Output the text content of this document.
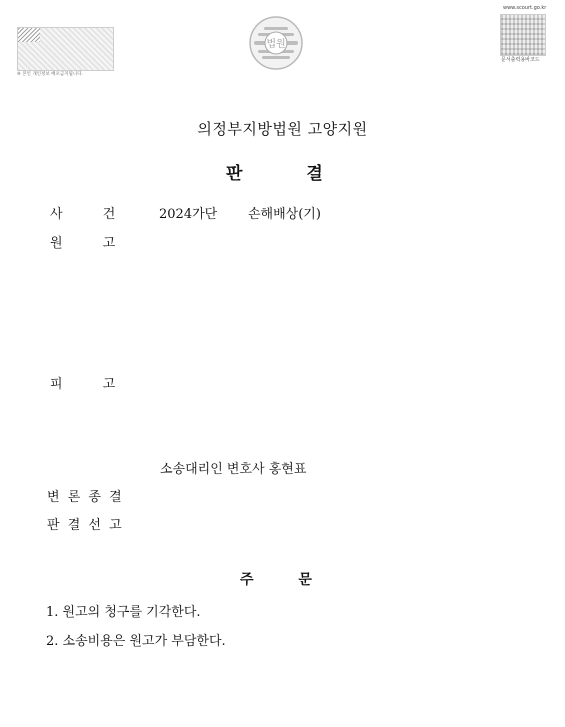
※ 본인 개인정보 배포금지됩니다.
법원
www.scourt.go.kr
문서출력용바코드
의정부지방법원 고양지원
판 결
사 건	2024가단 손해배상(기)
원 고
피 고
소송대리인 변호사 홍현표
변 론 종 결
판 결 선 고
주 문
1. 원고의 청구를 기각한다.
2. 소송비용은 원고가 부담한다.
